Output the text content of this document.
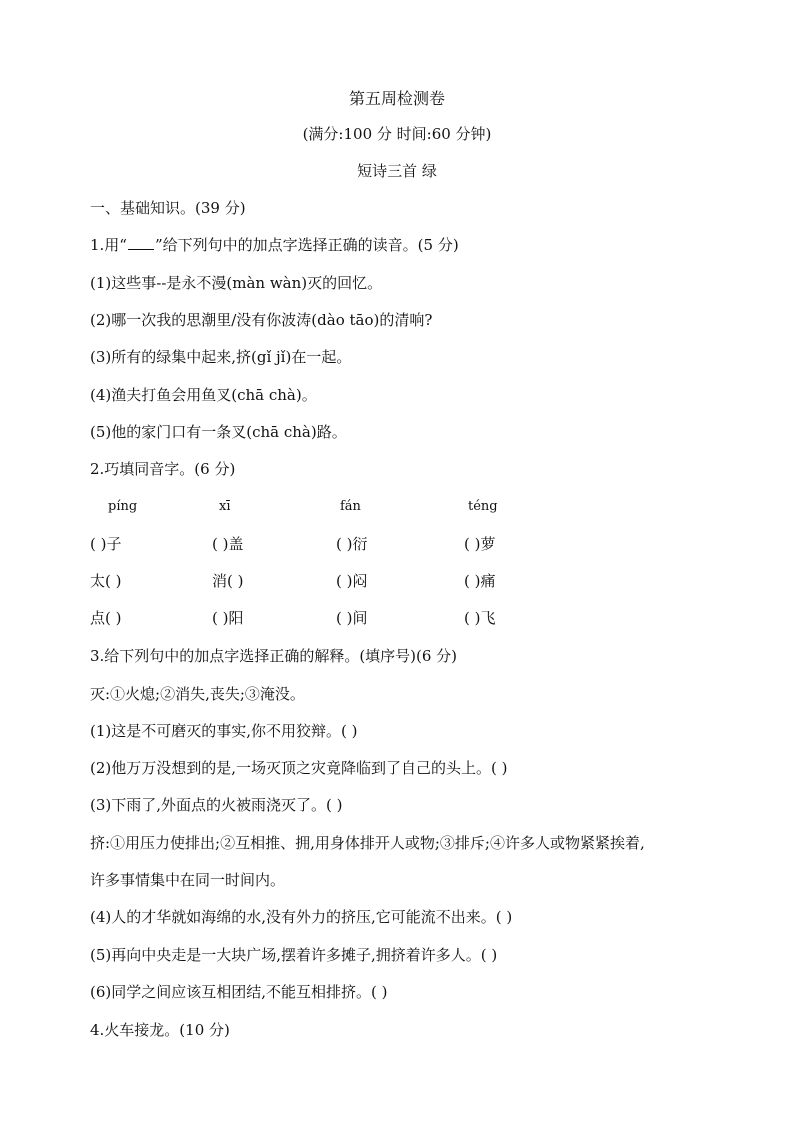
第五周检测卷
(满分:100 分 时间:60 分钟)
短诗三首 绿
一、基础知识。(39 分)
1.用“ ”给下列句中的加点字选择正确的读音。(5 分)
(1)这些事--是永不漫(màn wàn)灭的回忆。
(2)哪一次我的思潮里/没有你波涛(dào tāo)的清响?
(3)所有的绿集中起来,挤(gǐ jǐ)在一起。
(4)渔夫打鱼会用鱼叉(chā chà)。
(5)他的家门口有一条叉(chā chà)路。
2.巧填同音字。(6 分)
píng	xī	fán	téng
( )子	( )盖	( )衍	( )萝
太( )	消( )	( )闷	( )痛
点( )	( )阳	( )间	( )飞
3.给下列句中的加点字选择正确的解释。(填序号)(6 分)
灭:①火熄;②消失,丧失;③淹没。
(1)这是不可磨灭的事实,你不用狡辩。( )
(2)他万万没想到的是,一场灭顶之灾竟降临到了自己的头上。( )
(3)下雨了,外面点的火被雨浇灭了。( )
挤:①用压力使排出;②互相推、拥,用身体排开人或物;③排斥;④许多人或物紧紧挨着,
许多事情集中在同一时间内。
(4)人的才华就如海绵的水,没有外力的挤压,它可能流不出来。( )
(5)再向中央走是一大块广场,摆着许多摊子,拥挤着许多人。( )
(6)同学之间应该互相团结,不能互相排挤。( )
4.火车接龙。(10 分)
